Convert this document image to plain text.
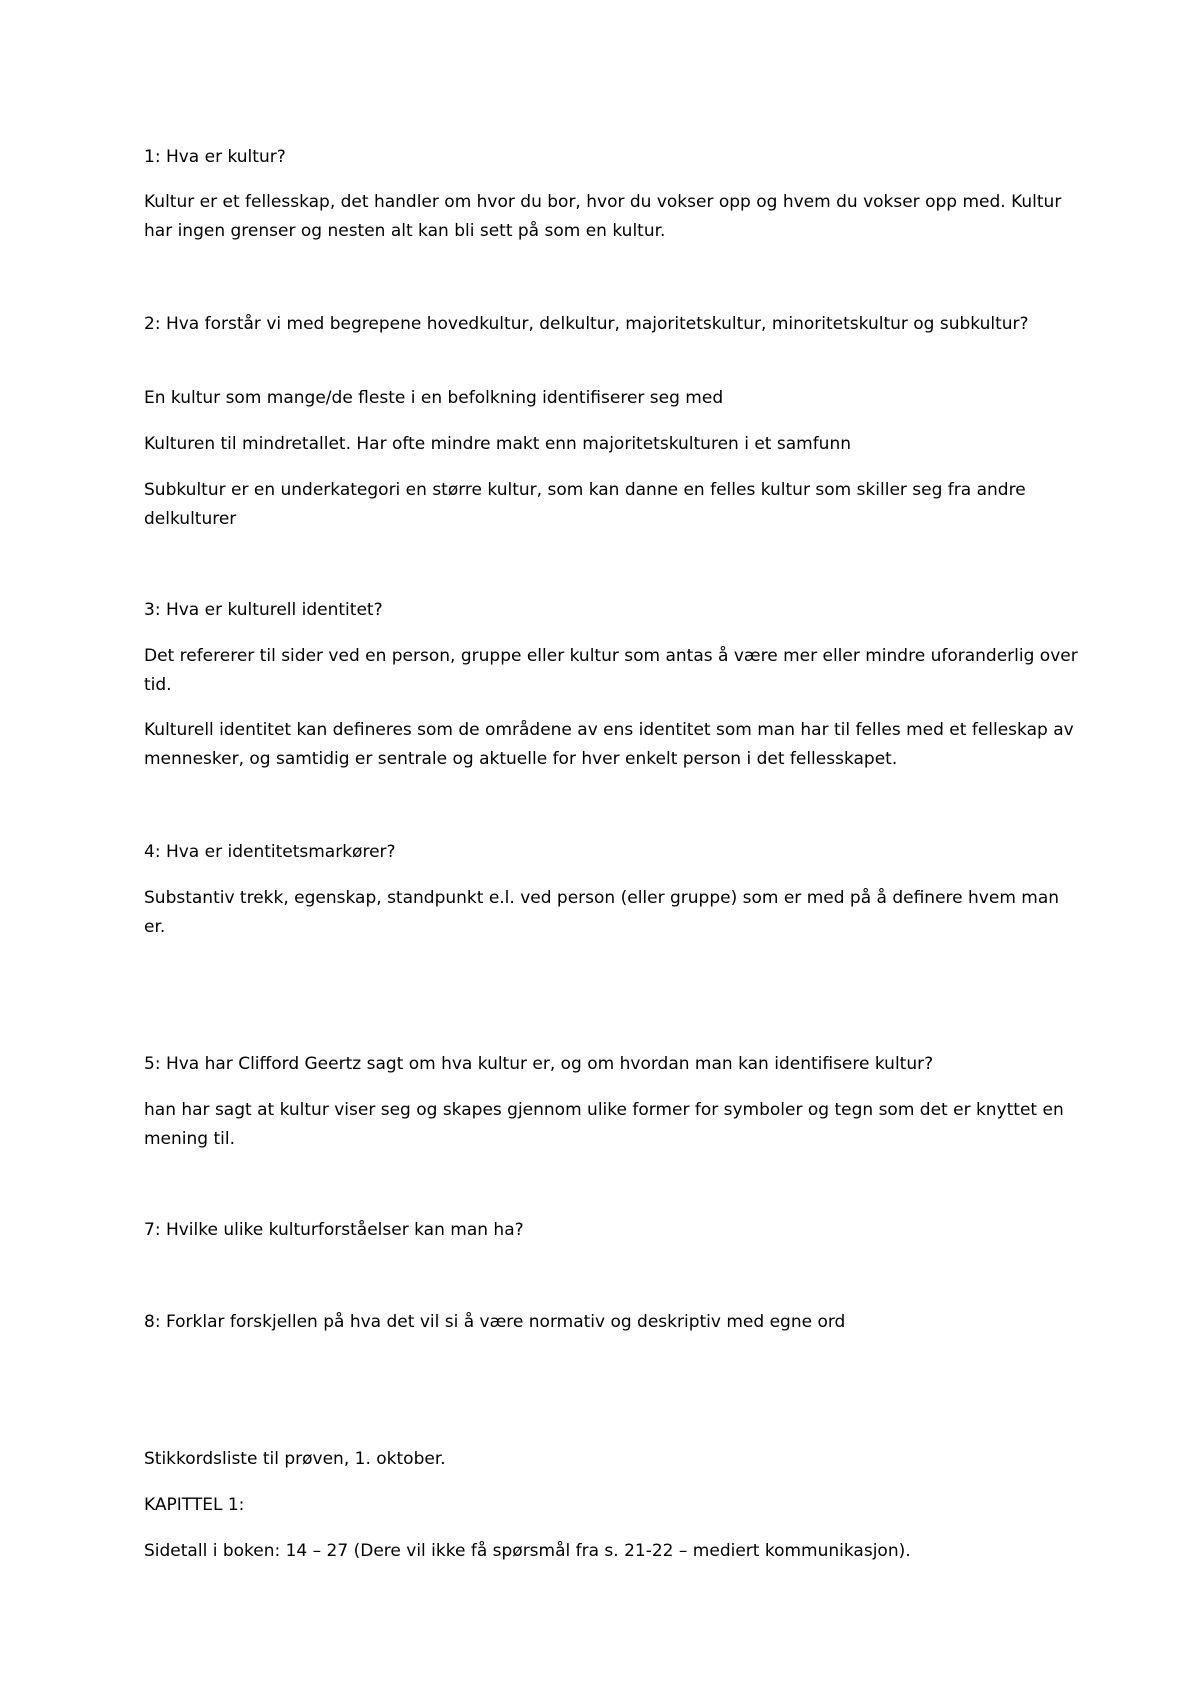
1: Hva er kultur?

Kultur er et fellesskap, det handler om hvor du bor, hvor du vokser opp og hvem du vokser opp med. Kultur har ingen grenser og nesten alt kan bli sett på som en kultur.

2: Hva forstår vi med begrepene hovedkultur, delkultur, majoritetskultur, minoritetskultur og subkultur?

En kultur som mange/de fleste i en befolkning identifiserer seg med

Kulturen til mindretallet. Har ofte mindre makt enn majoritetskulturen i et samfunn

Subkultur er en underkategori en større kultur, som kan danne en felles kultur som skiller seg fra andre delkulturer

3: Hva er kulturell identitet?

Det refererer til sider ved en person, gruppe eller kultur som antas å være mer eller mindre uforanderlig over tid.

Kulturell identitet kan defineres som de områdene av ens identitet som man har til felles med et felleskap av mennesker, og samtidig er sentrale og aktuelle for hver enkelt person i det fellesskapet.

4: Hva er identitetsmarkører?

Substantiv trekk, egenskap, standpunkt e.l. ved person (eller gruppe) som er med på å definere hvem man er.

5: Hva har Clifford Geertz sagt om hva kultur er, og om hvordan man kan identifisere kultur?

han har sagt at kultur viser seg og skapes gjennom ulike former for symboler og tegn som det er knyttet en mening til.

7: Hvilke ulike kulturforståelser kan man ha?

8: Forklar forskjellen på hva det vil si å være normativ og deskriptiv med egne ord

Stikkordsliste til prøven, 1. oktober.

KAPITTEL 1:

Sidetall i boken: 14 – 27 (Dere vil ikke få spørsmål fra s. 21-22 – mediert kommunikasjon).
